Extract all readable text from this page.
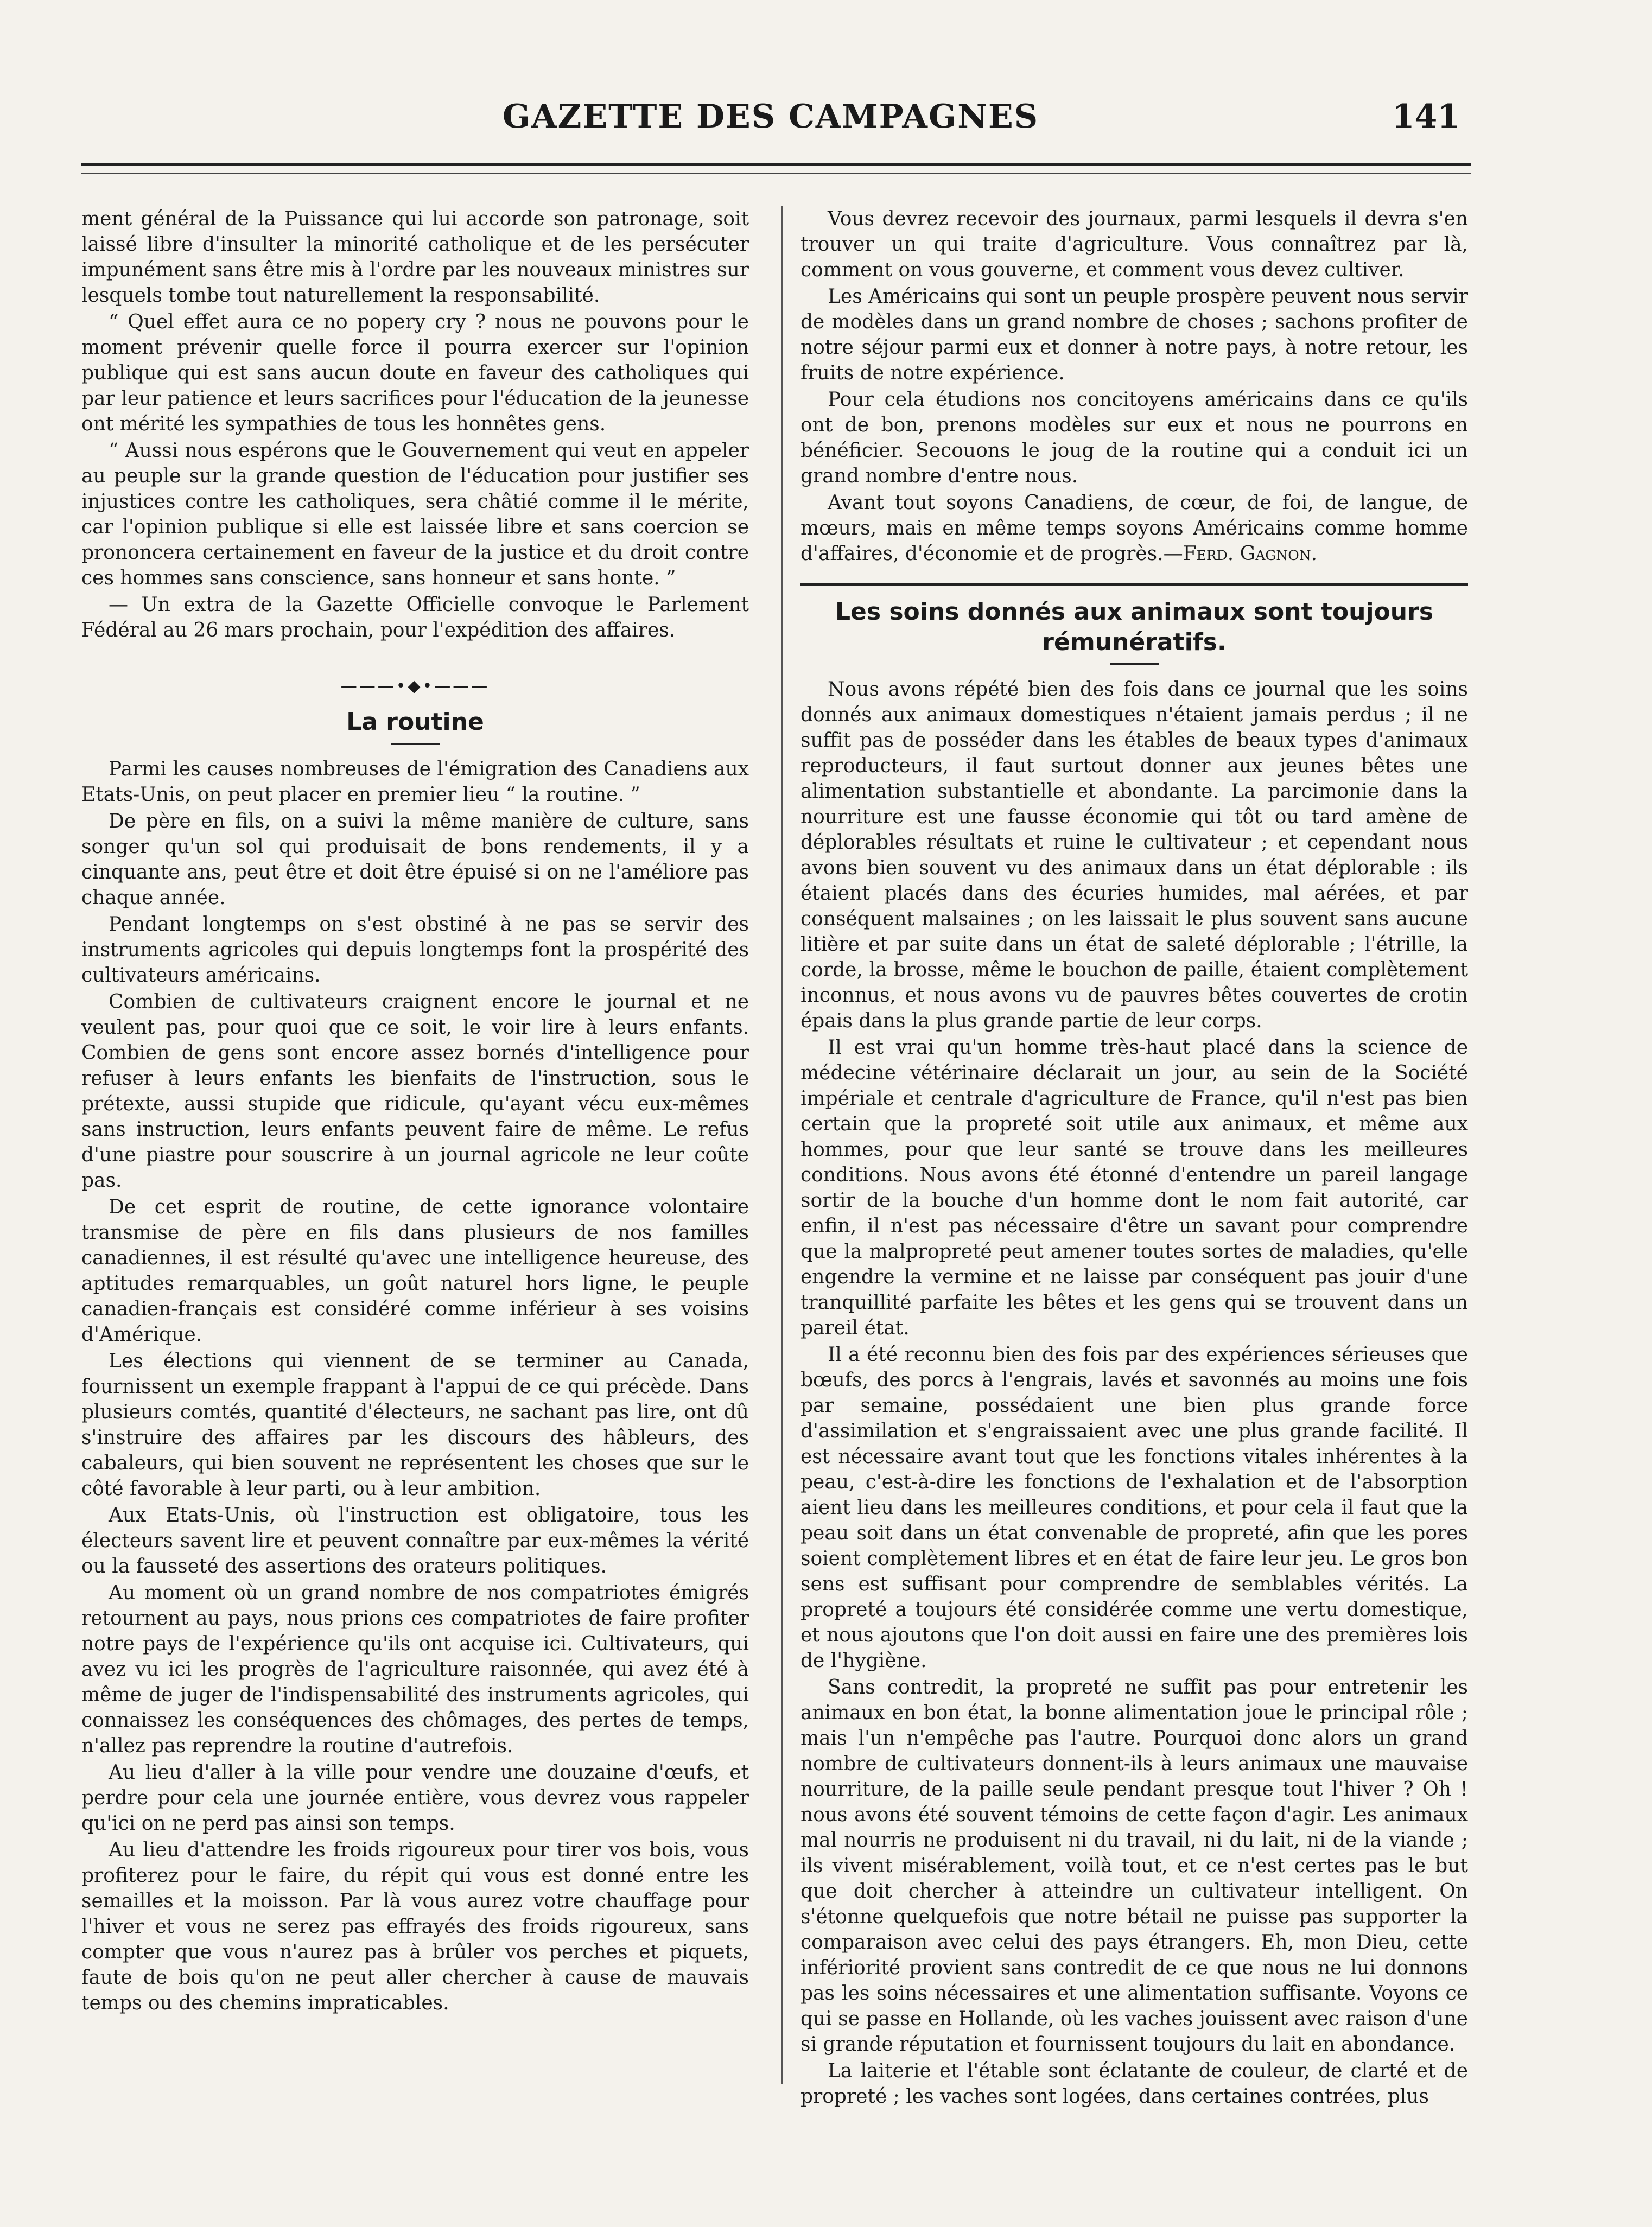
GAZETTE DES CAMPAGNES	141

ment général de la Puissance qui lui accorde son patronage, soit laissé libre d'insulter la minorité catholique et de les persécuter impunément sans être mis à l'ordre par les nouveaux ministres sur lesquels tombe tout naturellement la responsabilité.

“ Quel effet aura ce no popery cry ? nous ne pouvons pour le moment prévenir quelle force il pourra exercer sur l'opinion publique qui est sans aucun doute en faveur des catholiques qui par leur patience et leurs sacrifices pour l'éducation de la jeunesse ont mérité les sympathies de tous les honnêtes gens.

“ Aussi nous espérons que le Gouvernement qui veut en appeler au peuple sur la grande question de l'éducation pour justifier ses injustices contre les catholiques, sera châtié comme il le mérite, car l'opinion publique si elle est laissée libre et sans coercion se prononcera certainement en faveur de la justice et du droit contre ces hommes sans conscience, sans honneur et sans honte. ”

— Un extra de la Gazette Officielle convoque le Parlement Fédéral au 26 mars prochain, pour l'expédition des affaires.

———•◆•———
La routine

Parmi les causes nombreuses de l'émigration des Canadiens aux Etats-Unis, on peut placer en premier lieu “ la routine. ”

De père en fils, on a suivi la même manière de culture, sans songer qu'un sol qui produisait de bons rendements, il y a cinquante ans, peut être et doit être épuisé si on ne l'améliore pas chaque année.

Pendant longtemps on s'est obstiné à ne pas se servir des instruments agricoles qui depuis longtemps font la prospérité des cultivateurs américains.

Combien de cultivateurs craignent encore le journal et ne veulent pas, pour quoi que ce soit, le voir lire à leurs enfants. Combien de gens sont encore assez bornés d'intelligence pour refuser à leurs enfants les bienfaits de l'instruction, sous le prétexte, aussi stupide que ridicule, qu'ayant vécu eux-mêmes sans instruction, leurs enfants peuvent faire de même. Le refus d'une piastre pour souscrire à un journal agricole ne leur coûte pas.

De cet esprit de routine, de cette ignorance volontaire transmise de père en fils dans plusieurs de nos familles canadiennes, il est résulté qu'avec une intelligence heureuse, des aptitudes remarquables, un goût naturel hors ligne, le peuple canadien-français est considéré comme inférieur à ses voisins d'Amérique.

Les élections qui viennent de se terminer au Canada, fournissent un exemple frappant à l'appui de ce qui précède. Dans plusieurs comtés, quantité d'électeurs, ne sachant pas lire, ont dû s'instruire des affaires par les discours des hâbleurs, des cabaleurs, qui bien souvent ne représentent les choses que sur le côté favorable à leur parti, ou à leur ambition.

Aux Etats-Unis, où l'instruction est obligatoire, tous les électeurs savent lire et peuvent connaître par eux-mêmes la vérité ou la fausseté des assertions des orateurs politiques.

Au moment où un grand nombre de nos compatriotes émigrés retournent au pays, nous prions ces compatriotes de faire profiter notre pays de l'expérience qu'ils ont acquise ici. Cultivateurs, qui avez vu ici les progrès de l'agriculture raisonnée, qui avez été à même de juger de l'indispensabilité des instruments agricoles, qui connaissez les conséquences des chômages, des pertes de temps, n'allez pas reprendre la routine d'autrefois.

Au lieu d'aller à la ville pour vendre une douzaine d'œufs, et perdre pour cela une journée entière, vous devrez vous rappeler qu'ici on ne perd pas ainsi son temps.

Au lieu d'attendre les froids rigoureux pour tirer vos bois, vous profiterez pour le faire, du répit qui vous est donné entre les semailles et la moisson. Par là vous aurez votre chauffage pour l'hiver et vous ne serez pas effrayés des froids rigoureux, sans compter que vous n'aurez pas à brûler vos perches et piquets, faute de bois qu'on ne peut aller chercher à cause de mauvais temps ou des chemins impraticables.

Vous devrez recevoir des journaux, parmi lesquels il devra s'en trouver un qui traite d'agriculture. Vous connaîtrez par là, comment on vous gouverne, et comment vous devez cultiver.

Les Américains qui sont un peuple prospère peuvent nous servir de modèles dans un grand nombre de choses ; sachons profiter de notre séjour parmi eux et donner à notre pays, à notre retour, les fruits de notre expérience.

Pour cela étudions nos concitoyens américains dans ce qu'ils ont de bon, prenons modèles sur eux et nous ne pourrons en bénéficier. Secouons le joug de la routine qui a conduit ici un grand nombre d'entre nous.

Avant tout soyons Canadiens, de cœur, de foi, de langue, de mœurs, mais en même temps soyons Américains comme homme d'affaires, d'économie et de progrès.—Ferd. Gagnon.

Les soins donnés aux animaux sont toujours rémunératifs.

Nous avons répété bien des fois dans ce journal que les soins donnés aux animaux domestiques n'étaient jamais perdus ; il ne suffit pas de posséder dans les étables de beaux types d'animaux reproducteurs, il faut surtout donner aux jeunes bêtes une alimentation substantielle et abondante. La parcimonie dans la nourriture est une fausse économie qui tôt ou tard amène de déplorables résultats et ruine le cultivateur ; et cependant nous avons bien souvent vu des animaux dans un état déplorable : ils étaient placés dans des écuries humides, mal aérées, et par conséquent malsaines ; on les laissait le plus souvent sans aucune litière et par suite dans un état de saleté déplorable ; l'étrille, la corde, la brosse, même le bouchon de paille, étaient complètement inconnus, et nous avons vu de pauvres bêtes couvertes de crotin épais dans la plus grande partie de leur corps.

Il est vrai qu'un homme très-haut placé dans la science de médecine vétérinaire déclarait un jour, au sein de la Société impériale et centrale d'agriculture de France, qu'il n'est pas bien certain que la propreté soit utile aux animaux, et même aux hommes, pour que leur santé se trouve dans les meilleures conditions. Nous avons été étonné d'entendre un pareil langage sortir de la bouche d'un homme dont le nom fait autorité, car enfin, il n'est pas nécessaire d'être un savant pour comprendre que la malpropreté peut amener toutes sortes de maladies, qu'elle engendre la vermine et ne laisse par conséquent pas jouir d'une tranquillité parfaite les bêtes et les gens qui se trouvent dans un pareil état.

Il a été reconnu bien des fois par des expériences sérieuses que bœufs, des porcs à l'engrais, lavés et savonnés au moins une fois par semaine, possédaient une bien plus grande force d'assimilation et s'engraissaient avec une plus grande facilité. Il est nécessaire avant tout que les fonctions vitales inhérentes à la peau, c'est-à-dire les fonctions de l'exhalation et de l'absorption aient lieu dans les meilleures conditions, et pour cela il faut que la peau soit dans un état convenable de propreté, afin que les pores soient complètement libres et en état de faire leur jeu. Le gros bon sens est suffisant pour comprendre de semblables vérités. La propreté a toujours été considérée comme une vertu domestique, et nous ajoutons que l'on doit aussi en faire une des premières lois de l'hygiène.

Sans contredit, la propreté ne suffit pas pour entretenir les animaux en bon état, la bonne alimentation joue le principal rôle ; mais l'un n'empêche pas l'autre. Pourquoi donc alors un grand nombre de cultivateurs donnent-ils à leurs animaux une mauvaise nourriture, de la paille seule pendant presque tout l'hiver ? Oh ! nous avons été souvent témoins de cette façon d'agir. Les animaux mal nourris ne produisent ni du travail, ni du lait, ni de la viande ; ils vivent misérablement, voilà tout, et ce n'est certes pas le but que doit chercher à atteindre un cultivateur intelligent. On s'étonne quelquefois que notre bétail ne puisse pas supporter la comparaison avec celui des pays étrangers. Eh, mon Dieu, cette infériorité provient sans contredit de ce que nous ne lui donnons pas les soins nécessaires et une alimentation suffisante. Voyons ce qui se passe en Hollande, où les vaches jouissent avec raison d'une si grande réputation et fournissent toujours du lait en abondance.

La laiterie et l'étable sont éclatante de couleur, de clarté et de propreté ; les vaches sont logées, dans certaines contrées, plus
